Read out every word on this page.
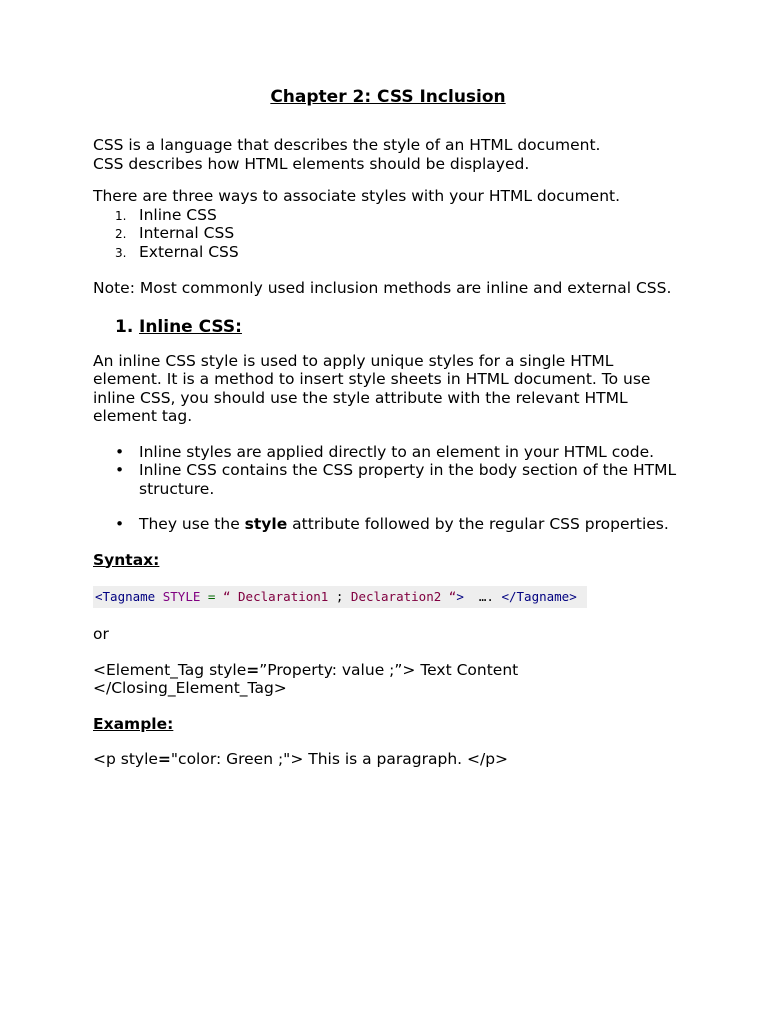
Chapter 2: CSS Inclusion

CSS is a language that describes the style of an HTML document.

CSS describes how HTML elements should be displayed.

There are three ways to associate styles with your HTML document.

1. Inline CSS
2. Internal CSS
3. External CSS

Note: Most commonly used inclusion methods are inline and external CSS.

1. Inline CSS:

An inline CSS style is used to apply unique styles for a single HTML element. It is a method to insert style sheets in HTML document. To use inline CSS, you should use the style attribute with the relevant HTML element tag.

• Inline styles are applied directly to an element in your HTML code.
• Inline CSS contains the CSS property in the body section of the HTML structure.
• They use the style attribute followed by the regular CSS properties.
Syntax:
<Tagname STYLE = “ Declaration1 ; Declaration2 “>  …. </Tagname>

or

<Element_Tag style=”Property: value ;”> Text Content

</Closing_Element_Tag>

Example:

<p style="color: Green ;"> This is a paragraph. </p>
